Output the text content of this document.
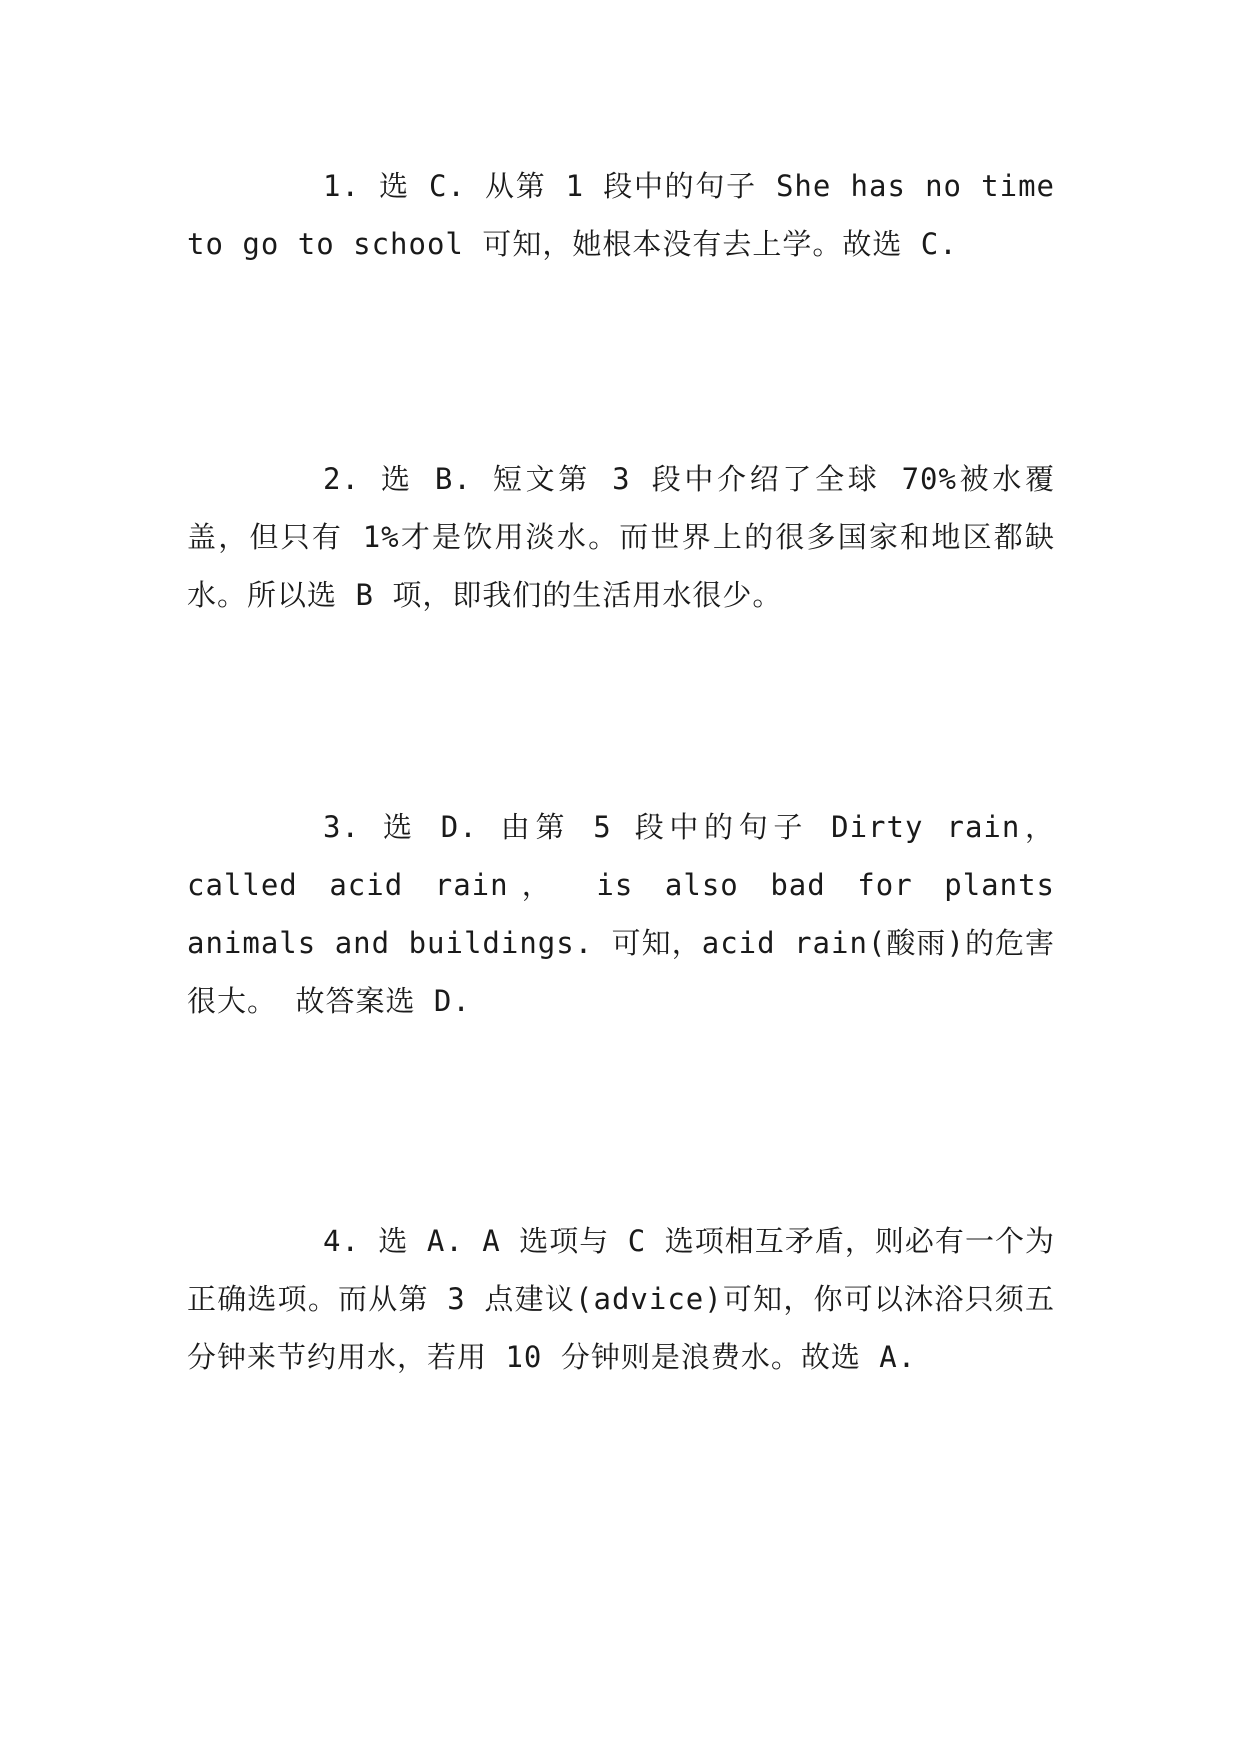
1. 选 C. 从第 1 段中的句子 She has no time to go to school 可知，她根本没有去上学。故选 C.

2. 选 B. 短文第 3 段中介绍了全球 70%被水覆盖，但只有 1%才是饮用淡水。而世界上的很多国家和地区都缺水。所以选 B 项，即我们的生活用水很少。

3. 选 D. 由第 5 段中的句子 Dirty rain， called acid rain， is also bad for plants animals and buildings. 可知，acid rain(酸雨)的危害很大。 故答案选 D.

4. 选 A. A 选项与 C 选项相互矛盾，则必有一个为正确选项。而从第 3 点建议(advice)可知，你可以沐浴只须五分钟来节约用水，若用 10 分钟则是浪费水。故选 A.
